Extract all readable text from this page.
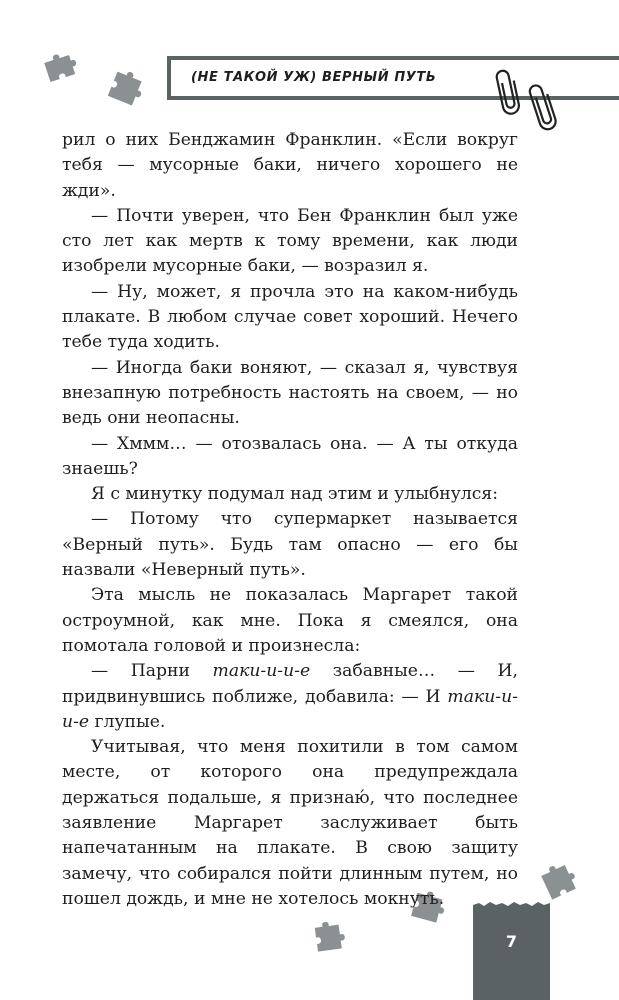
(НЕ ТАКОЙ УЖ) ВЕРНЫЙ ПУТЬ

рил о них Бенджамин Франклин. «Если вокруг тебя — мусорные баки, ничего хорошего не жди».

— Почти уверен, что Бен Франклин был уже сто лет как мертв к тому времени, как люди изобрели мусорные баки, — возразил я.

— Ну, может, я прочла это на каком-нибудь плакате. В любом случае совет хороший. Нечего тебе туда ходить.

— Иногда баки воняют, — сказал я, чувствуя внезапную потребность настоять на своем, — но ведь они неопасны.

— Хммм… — отозвалась она. — А ты откуда знаешь?

Я с минутку подумал над этим и улыбнулся:

— Потому что супермаркет называется «Верный путь». Будь там опасно — его бы назвали «Неверный путь».

Эта мысль не показалась Маргарет такой остроумной, как мне. Пока я смеялся, она помотала головой и произнесла:

— Парни таки-и-и-е забавные… — И, придвинувшись поближе, добавила: — И таки-и-и-е глупые.

Учитывая, что меня похитили в том самом месте, от которого она предупреждала держаться подальше, я признаю́, что последнее заявление Маргарет заслуживает быть напечатанным на плакате. В свою защиту замечу, что собирался пойти длинным путем, но пошел дождь, и мне не хотелось мокнуть.

7
